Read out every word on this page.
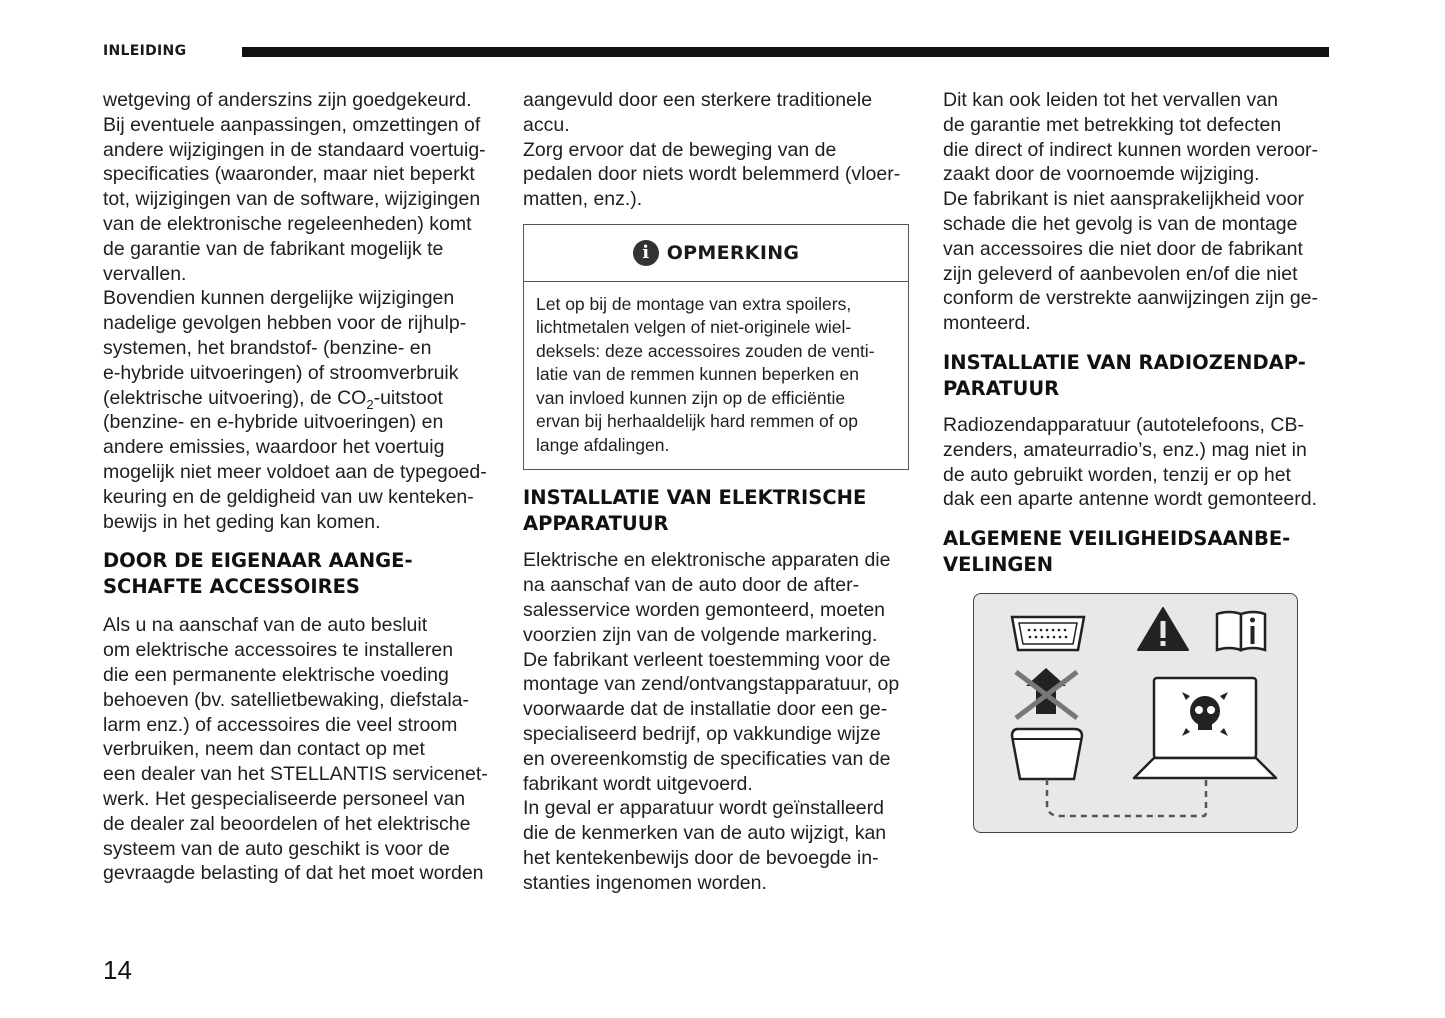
INLEIDING

wetgeving of anderszins zijn goedgekeurd.
Bij eventuele aanpassingen, omzettingen of
andere wijzigingen in de standaard voertuig-
specificaties (waaronder, maar niet beperkt
tot, wijzigingen van de software, wijzigingen
van de elektronische regeleenheden) komt
de garantie van de fabrikant mogelijk te
vervallen.
Bovendien kunnen dergelijke wijzigingen
nadelige gevolgen hebben voor de rijhulp-
systemen, het brandstof- (benzine- en
e-hybride uitvoeringen) of stroomverbruik
(elektrische uitvoering), de $CO_2$-uitstoot
(benzine- en e-hybride uitvoeringen) en
andere emissies, waardoor het voertuig
mogelijk niet meer voldoet aan de typegoed-
keuring en de geldigheid van uw kenteken-
bewijs in het geding kan komen.

DOOR DE EIGENAAR AANGE-
SCHAFTE ACCESSOIRES

Als u na aanschaf van de auto besluit
om elektrische accessoires te installeren
die een permanente elektrische voeding
behoeven (bv. satellietbewaking, diefstala-
larm enz.) of accessoires die veel stroom
verbruiken, neem dan contact op met
een dealer van het STELLANTIS servicenet-
werk. Het gespecialiseerde personeel van
de dealer zal beoordelen of het elektrische
systeem van de auto geschikt is voor de
gevraagde belasting of dat het moet worden

aangevuld door een sterkere traditionele
accu.
Zorg ervoor dat de beweging van de
pedalen door niets wordt belemmerd (vloer-
matten, enz.).

i OPMERKING

Let op bij de montage van extra spoilers,
lichtmetalen velgen of niet-originele wiel-
deksels: deze accessoires zouden de venti-
latie van de remmen kunnen beperken en
van invloed kunnen zijn op de efficiëntie
ervan bij herhaaldelijk hard remmen of op
lange afdalingen.

INSTALLATIE VAN ELEKTRISCHE
APPARATUUR

Elektrische en elektronische apparaten die
na aanschaf van de auto door de after-
salesservice worden gemonteerd, moeten
voorzien zijn van de volgende markering.
De fabrikant verleent toestemming voor de
montage van zend/ontvangstapparatuur, op
voorwaarde dat de installatie door een ge-
specialiseerd bedrijf, op vakkundige wijze
en overeenkomstig de specificaties van de
fabrikant wordt uitgevoerd.
In geval er apparatuur wordt geïnstalleerd
die de kenmerken van de auto wijzigt, kan
het kentekenbewijs door de bevoegde in-
stanties ingenomen worden.

Dit kan ook leiden tot het vervallen van
de garantie met betrekking tot defecten
die direct of indirect kunnen worden veroor-
zaakt door de voornoemde wijziging.
De fabrikant is niet aansprakelijkheid voor
schade die het gevolg is van de montage
van accessoires die niet door de fabrikant
zijn geleverd of aanbevolen en/of die niet
conform de verstrekte aanwijzingen zijn ge-
monteerd.

INSTALLATIE VAN RADIOZENDAP-
PARATUUR

Radiozendapparatuur (autotelefoons, CB-
zenders, amateurradio’s, enz.) mag niet in
de auto gebruikt worden, tenzij er op het
dak een aparte antenne wordt gemonteerd.

ALGEMENE VEILIGHEIDSAANBE-
VELINGEN
14
